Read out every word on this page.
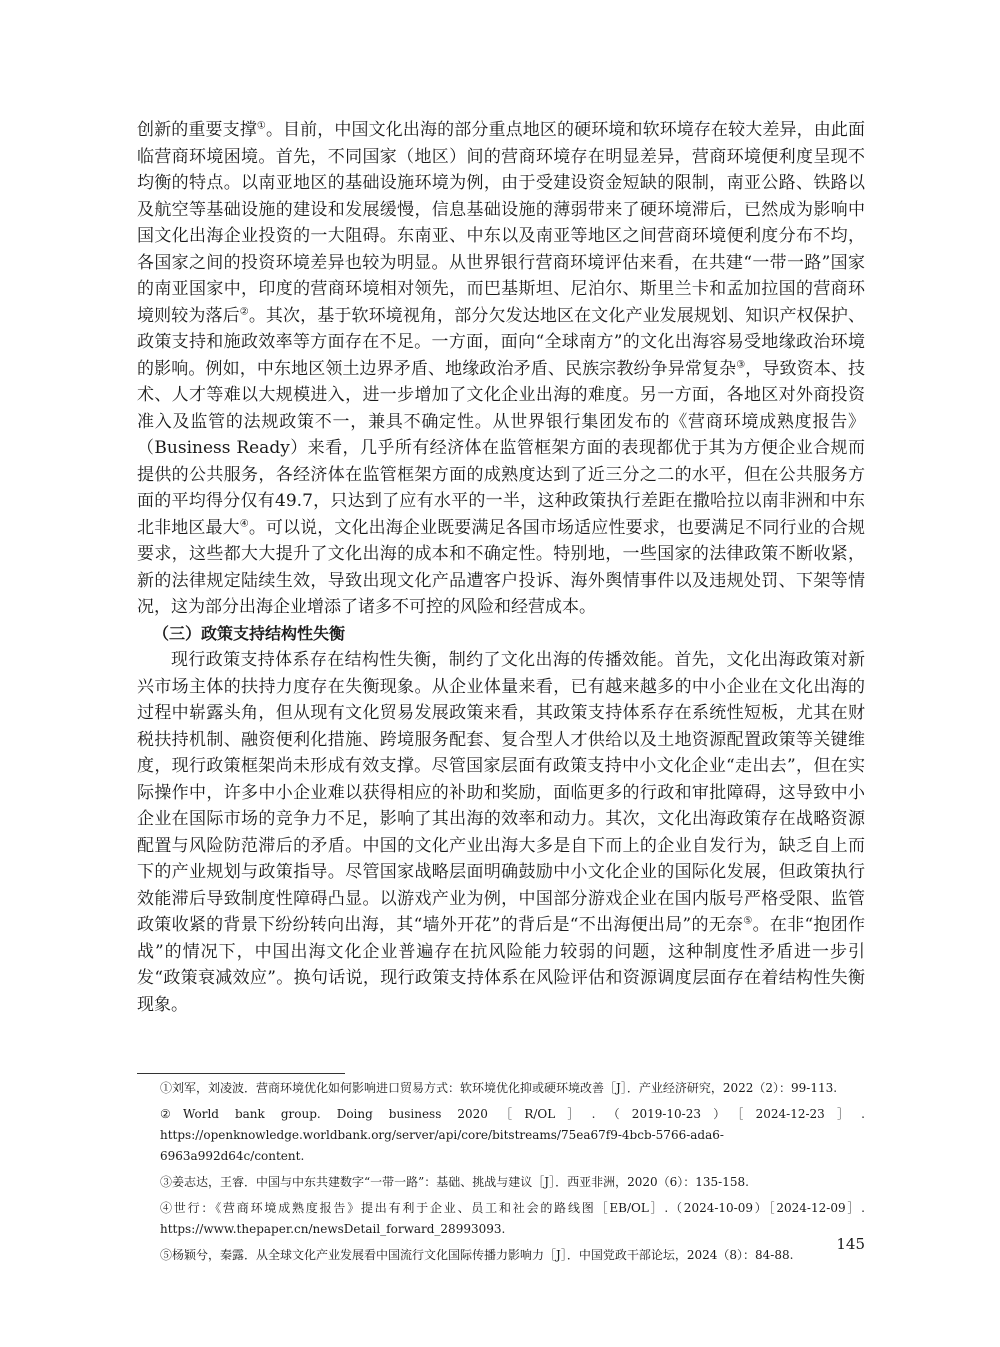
创新的重要支撑①。目前，中国文化出海的部分重点地区的硬环境和软环境存在较大差异，由此面临营商环境困境。首先，不同国家（地区）间的营商环境存在明显差异，营商环境便利度呈现不均衡的特点。以南亚地区的基础设施环境为例，由于受建设资金短缺的限制，南亚公路、铁路以及航空等基础设施的建设和发展缓慢，信息基础设施的薄弱带来了硬环境滞后，已然成为影响中国文化出海企业投资的一大阻碍。东南亚、中东以及南亚等地区之间营商环境便利度分布不均，各国家之间的投资环境差异也较为明显。从世界银行营商环境评估来看，在共建“一带一路”国家的南亚国家中，印度的营商环境相对领先，而巴基斯坦、尼泊尔、斯里兰卡和孟加拉国的营商环境则较为落后②。其次，基于软环境视角，部分欠发达地区在文化产业发展规划、知识产权保护、政策支持和施政效率等方面存在不足。一方面，面向“全球南方”的文化出海容易受地缘政治环境的影响。例如，中东地区领土边界矛盾、地缘政治矛盾、民族宗教纷争异常复杂③，导致资本、技术、人才等难以大规模进入，进一步增加了文化企业出海的难度。另一方面，各地区对外商投资准入及监管的法规政策不一，兼具不确定性。从世界银行集团发布的《营商环境成熟度报告》（Business Ready）来看，几乎所有经济体在监管框架方面的表现都优于其为方便企业合规而提供的公共服务，各经济体在监管框架方面的成熟度达到了近三分之二的水平，但在公共服务方面的平均得分仅有49.7，只达到了应有水平的一半，这种政策执行差距在撒哈拉以南非洲和中东北非地区最大④。可以说，文化出海企业既要满足各国市场适应性要求，也要满足不同行业的合规要求，这些都大大提升了文化出海的成本和不确定性。特别地，一些国家的法律政策不断收紧，新的法律规定陆续生效，导致出现文化产品遭客户投诉、海外舆情事件以及违规处罚、下架等情况，这为部分出海企业增添了诸多不可控的风险和经营成本。

（三）政策支持结构性失衡

现行政策支持体系存在结构性失衡，制约了文化出海的传播效能。首先，文化出海政策对新兴市场主体的扶持力度存在失衡现象。从企业体量来看，已有越来越多的中小企业在文化出海的过程中崭露头角，但从现有文化贸易发展政策来看，其政策支持体系存在系统性短板，尤其在财税扶持机制、融资便利化措施、跨境服务配套、复合型人才供给以及土地资源配置政策等关键维度，现行政策框架尚未形成有效支撑。尽管国家层面有政策支持中小文化企业“走出去”，但在实际操作中，许多中小企业难以获得相应的补助和奖励，面临更多的行政和审批障碍，这导致中小企业在国际市场的竞争力不足，影响了其出海的效率和动力。其次，文化出海政策存在战略资源配置与风险防范滞后的矛盾。中国的文化产业出海大多是自下而上的企业自发行为，缺乏自上而下的产业规划与政策指导。尽管国家战略层面明确鼓励中小文化企业的国际化发展，但政策执行效能滞后导致制度性障碍凸显。以游戏产业为例，中国部分游戏企业在国内版号严格受限、监管政策收紧的背景下纷纷转向出海，其“墙外开花”的背后是“不出海便出局”的无奈⑤。在非“抱团作战”的情况下，中国出海文化企业普遍存在抗风险能力较弱的问题，这种制度性矛盾进一步引发“政策衰减效应”。换句话说，现行政策支持体系在风险评估和资源调度层面存在着结构性失衡现象。

①刘军，刘凌波．营商环境优化如何影响进口贸易方式：软环境优化抑或硬环境改善［J］．产业经济研究，2022（2）：99-113.

②World bank group. Doing business 2020［R/OL］.（2019-10-23）［2024-12-23］. https://openknowledge.worldbank.org/server/api/core/bitstreams/75ea67f9-4bcb-5766-ada6-6963a992d64c/content.

③姜志达，王睿．中国与中东共建数字“一带一路”：基础、挑战与建议［J］．西亚非洲，2020（6）：135-158.

④世行：《营商环境成熟度报告》提出有利于企业、员工和社会的路线图［EB/OL］.（2024-10-09）［2024-12-09］. https://www.thepaper.cn/newsDetail_forward_28993093.

⑤杨颖兮，秦露．从全球文化产业发展看中国流行文化国际传播力影响力［J］．中国党政干部论坛，2024（8）：84-88.

145
